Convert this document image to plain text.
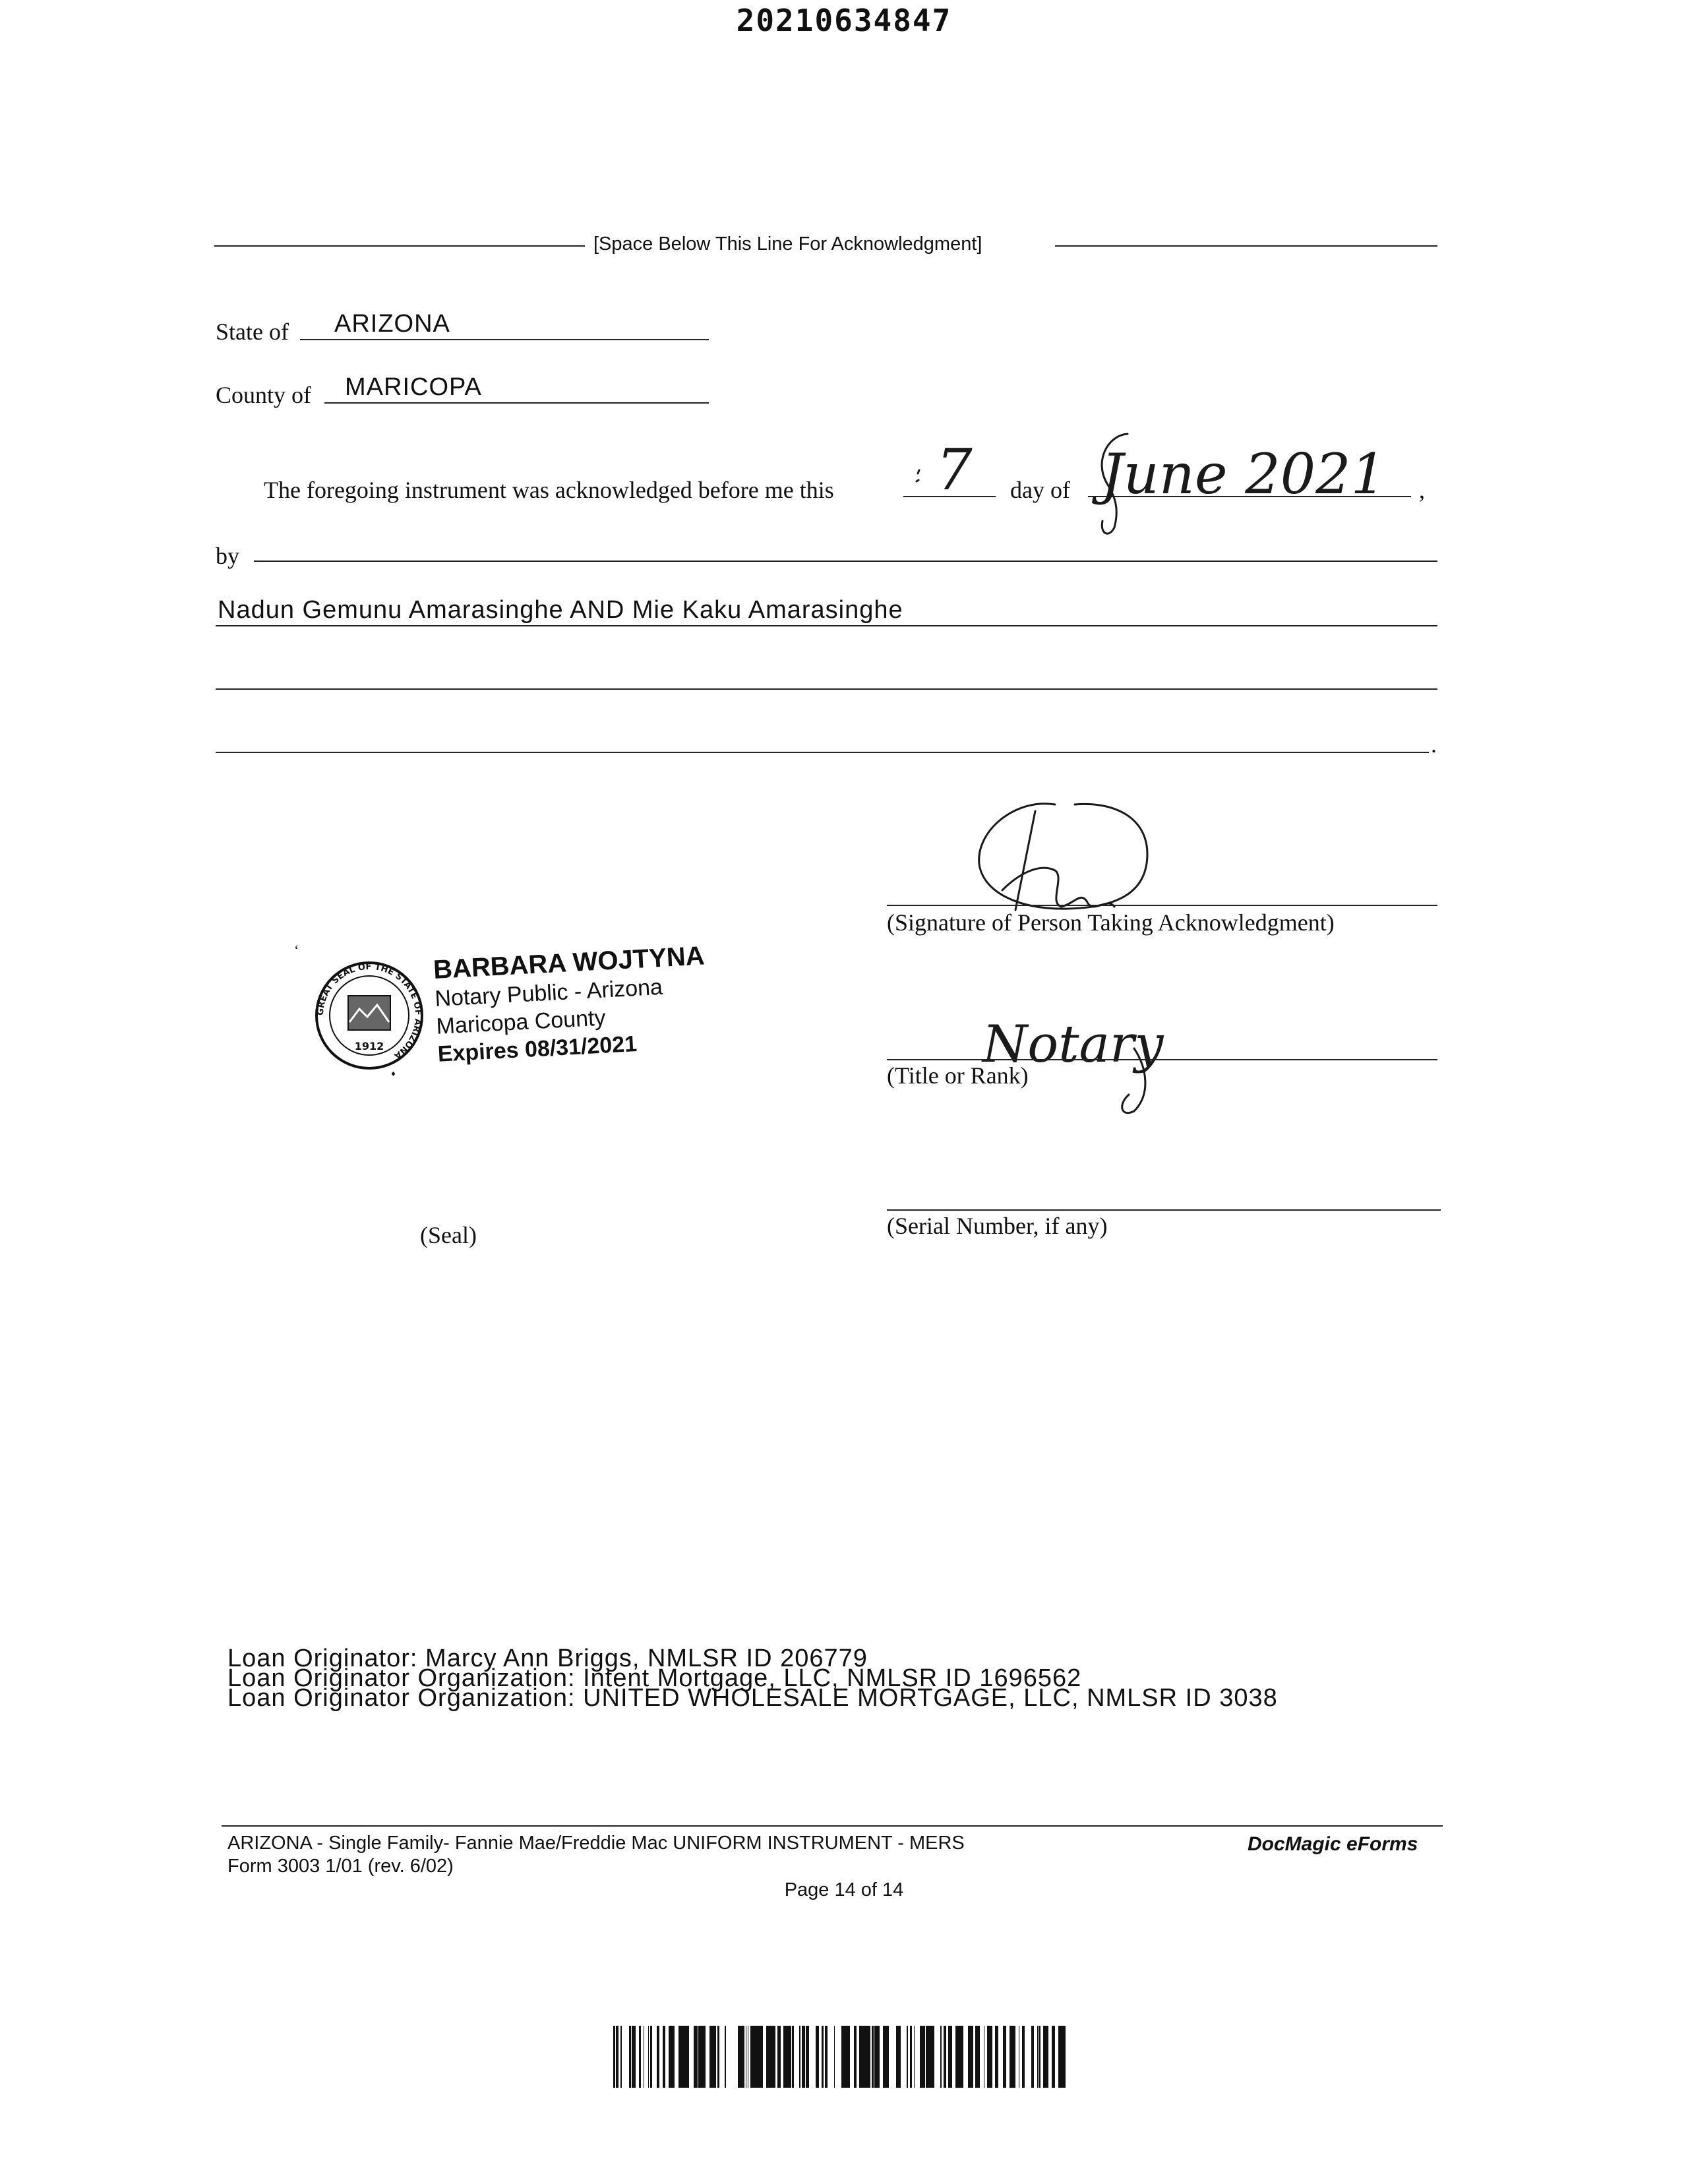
20210634847
[Space Below This Line For Acknowledgment]
State of ARIZONA
County of MARICOPA
The foregoing instrument was acknowledged before me this	day of	,
7 June 2021
by
Nadun Gemunu Amarasinghe AND Mie Kaku Amarasinghe
.
(Signature of Person Taking Acknowledgment)
Notary
(Title or Rank)
(Serial Number, if any)
GREAT SEAL OF THE STATE OF ARIZONA
1912
♦
BARBARA WOJTYNA
Notary Public - Arizona
Maricopa County
Expires 08/31/2021
ʻ
(Seal)
Loan Originator: Marcy Ann Briggs, NMLSR ID 206779
Loan Originator Organization: Intent Mortgage, LLC, NMLSR ID 1696562
Loan Originator Organization: UNITED WHOLESALE MORTGAGE, LLC, NMLSR ID 3038
ARIZONA - Single Family- Fannie Mae/Freddie Mac UNIFORM INSTRUMENT - MERS
Form 3003 1/01 (rev. 6/02)
DocMagic eForms
Page 14 of 14
